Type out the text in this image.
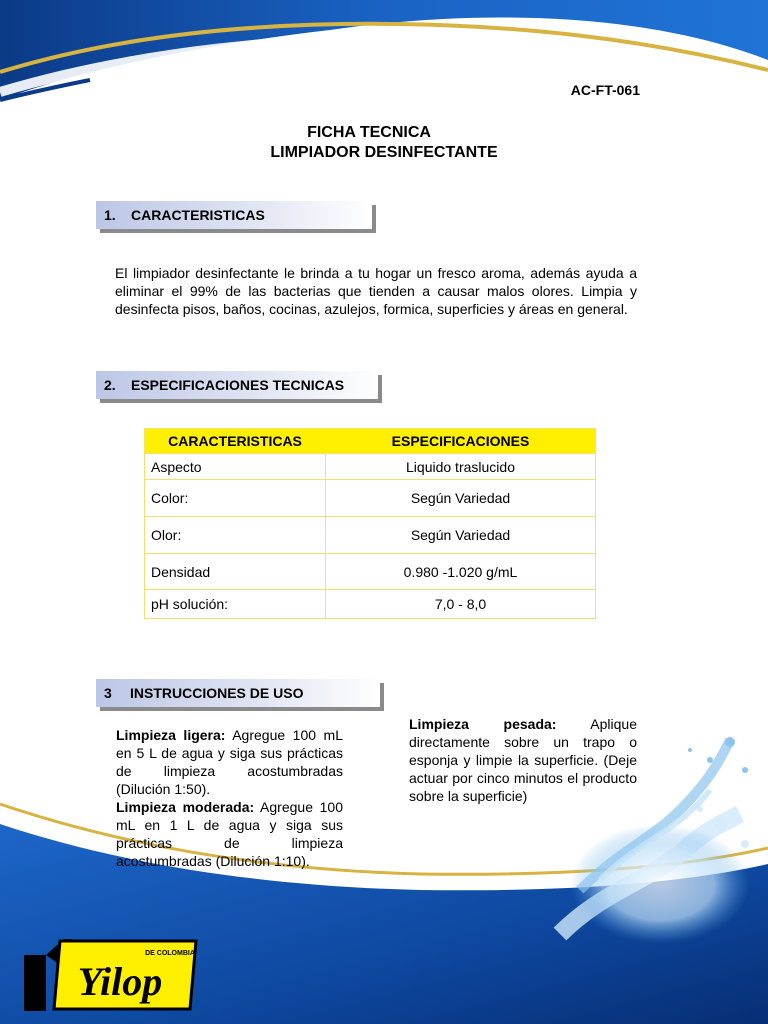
Yilop
DE COLOMBIA
AC-FT-061
FICHA TECNICA
LIMPIADOR DESINFECTANTE
1. CARACTERISTICAS
El limpiador desinfectante le brinda a tu hogar un fresco aroma, además ayuda a eliminar el 99% de las bacterias que tienden a causar malos olores. Limpia y desinfecta pisos, baños, cocinas, azulejos, formica, superficies y áreas en general.
2. ESPECIFICACIONES TECNICAS
CARACTERISTICAS	ESPECIFICACIONES
Aspecto	Liquido traslucido
Color:	Según Variedad
Olor:	Según Variedad
Densidad	0.980 -1.020 g/mL
pH solución:	7,0 - 8,0
3 INSTRUCCIONES DE USO
Limpieza ligera: Agregue 100 mL en 5 L de agua y siga sus prácticas de limpieza acostumbradas (Dilución 1:50).
Limpieza moderada: Agregue 100 mL en 1 L de agua y siga sus prácticas de limpieza acostumbradas (Dilución 1:10).
Limpieza pesada: Aplique directamente sobre un trapo o esponja y limpie la superficie. (Deje actuar por cinco minutos el producto sobre la superficie)
